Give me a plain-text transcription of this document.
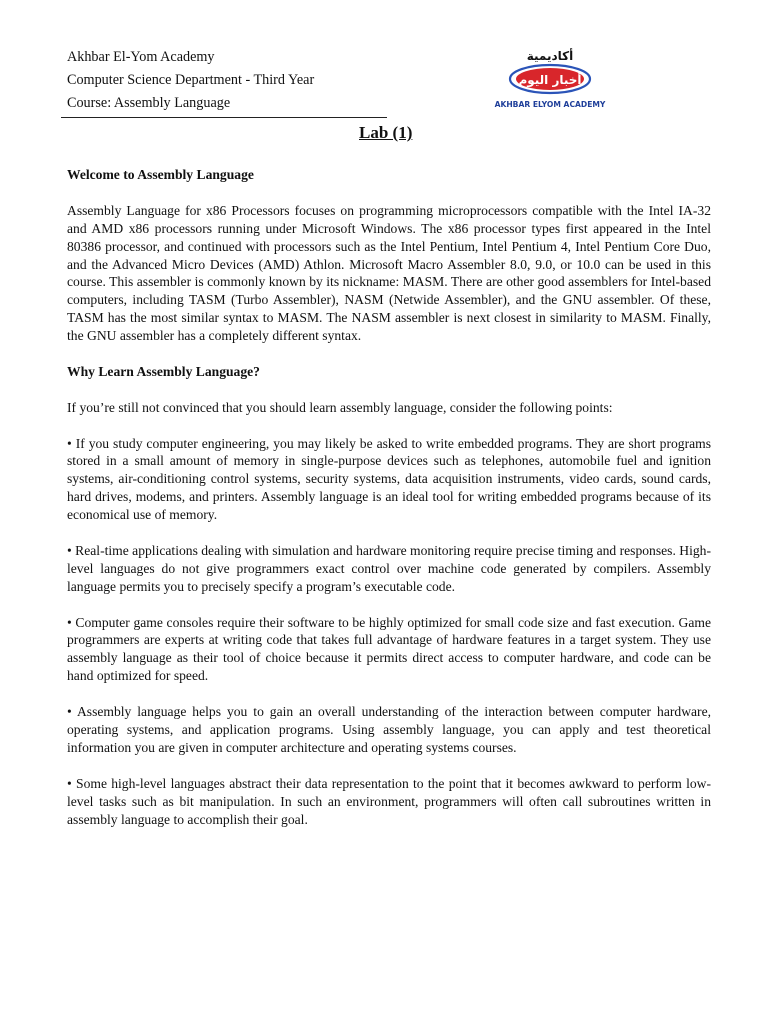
Akhbar El-Yom Academy
Computer Science Department - Third Year
Course: Assembly Language
أكاديمية
أخبار اليوم
AKHBAR ELYOM ACADEMY
Lab (1)
Welcome to Assembly Language

Assembly Language for x86 Processors focuses on programming microprocessors compatible with the Intel IA-32 and AMD x86 processors running under Microsoft Windows. The x86 processor types first appeared in the Intel 80386 processor, and continued with processors such as the Intel Pentium, Intel Pentium 4, Intel Pentium Core Duo, and the Advanced Micro Devices (AMD) Athlon. Microsoft Macro Assembler 8.0, 9.0, or 10.0 can be used in this course. This assembler is commonly known by its nickname: MASM. There are other good assemblers for Intel-based computers, including TASM (Turbo Assembler), NASM (Netwide Assembler), and the GNU assembler. Of these, TASM has the most similar syntax to MASM. The NASM assembler is next closest in similarity to MASM. Finally, the GNU assembler has a completely different syntax.

Why Learn Assembly Language?

If you’re still not convinced that you should learn assembly language, consider the following points:

• If you study computer engineering, you may likely be asked to write embedded programs. They are short programs stored in a small amount of memory in single-purpose devices such as telephones, automobile fuel and ignition systems, air-conditioning control systems, security systems, data acquisition instruments, video cards, sound cards, hard drives, modems, and printers. Assembly language is an ideal tool for writing embedded programs because of its economical use of memory.

• Real-time applications dealing with simulation and hardware monitoring require precise timing and responses. High-level languages do not give programmers exact control over machine code generated by compilers. Assembly language permits you to precisely specify a program’s executable code.

• Computer game consoles require their software to be highly optimized for small code size and fast execution. Game programmers are experts at writing code that takes full advantage of hardware features in a target system. They use assembly language as their tool of choice because it permits direct access to computer hardware, and code can be hand optimized for speed.

• Assembly language helps you to gain an overall understanding of the interaction between computer hardware, operating systems, and application programs. Using assembly language, you can apply and test theoretical information you are given in computer architecture and operating systems courses.

• Some high-level languages abstract their data representation to the point that it becomes awkward to perform low-level tasks such as bit manipulation. In such an environment, programmers will often call subroutines written in assembly language to accomplish their goal.
